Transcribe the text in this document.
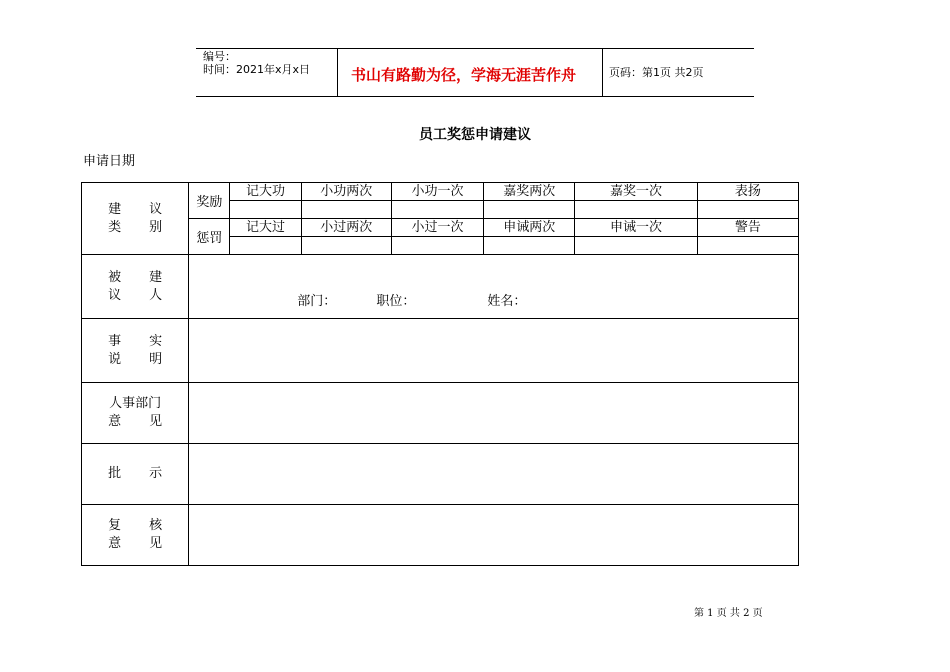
编号：
时间：2021年x月x日	书山有路勤为径，学海无涯苦作舟	页码：第1页 共2页
员工奖惩申请建议
申请日期
建 议
类 别	奖励	记大功	小功两次	小功一次	嘉奖两次	嘉奖一次	表扬

	惩罚	记大过	小过两次	小过一次	申诫两次	申诫一次	警告

被 建
议 人	部门： 职位： 姓名：						

事 实
说 明							

人事部门
意 见							

批 示							

复 核
意 见							

第 1 页 共 2 页
